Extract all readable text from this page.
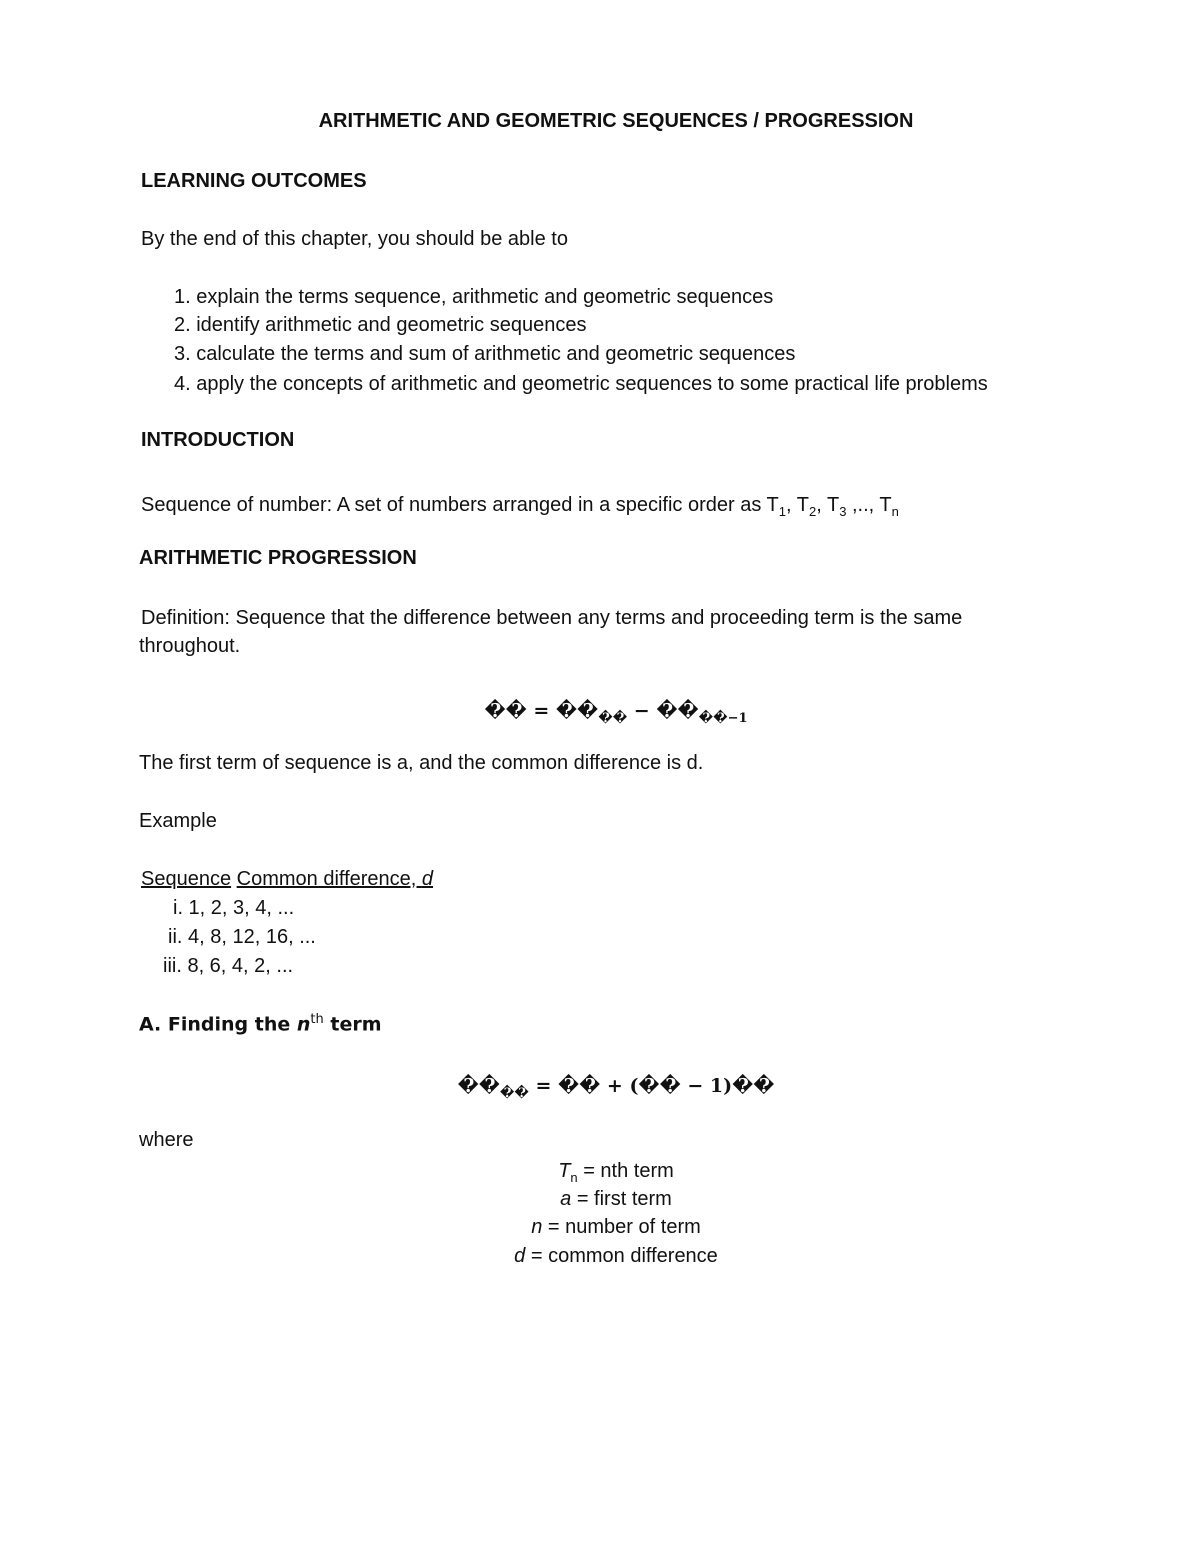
ARITHMETIC AND GEOMETRIC SEQUENCES / PROGRESSION
LEARNING OUTCOMES
By the end of this chapter, you should be able to
1. explain the terms sequence, arithmetic and geometric sequences
2. identify arithmetic and geometric sequences
3. calculate the terms and sum of arithmetic and geometric sequences
4. apply the concepts of arithmetic and geometric sequences to some practical life problems
INTRODUCTION
Sequence of number: A set of numbers arranged in a specific order as $T_1$, $T_2$, $T_3$ ,.., $T_n$
ARITHMETIC PROGRESSION
Definition: Sequence that the difference between any terms and proceeding term is the same
throughout.
�� = $��_{��}$ − $��_{��-1}$
The first term of sequence is a, and the common difference is d.
Example
Sequence Common difference, d
i. 1, 2, 3, 4, ...
ii. 4, 8, 12, 16, ...
iii. 8, 6, 4, 2, ...
A. Finding the $n^{th}$ term
$��_{��}$ = �� + (�� − 1)��
where
$T_n$ = nth term
a = first term
n = number of term
d = common difference
